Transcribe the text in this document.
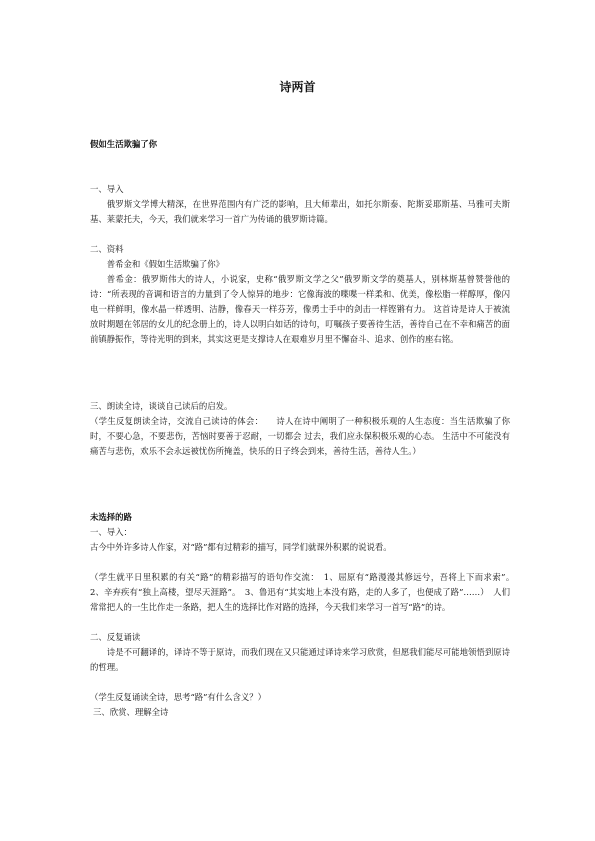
诗两首

假如生活欺骗了你

一、导入

俄罗斯文学博大精深，在世界范围内有广泛的影响，且大师辈出，如托尔斯泰、陀斯妥耶斯基、马雅可夫斯基、莱蒙托夫，今天，我们就来学习一首广为传诵的俄罗斯诗篇。

二、资料

普希金和《假如生活欺骗了你》

普希金：俄罗斯伟大的诗人，小说家，史称“俄罗斯文学之父”俄罗斯文学的奠基人，别林斯基曾赞誉他的诗：“所表现的音调和语言的力量到了令人惊异的地步：它像海波的喋喋一样柔和、优美，像松脂一样醇厚，像闪电一样鲜明，像水晶一样透明、洁静，像春天一样芬芳，像勇士手中的剑击一样铿锵有力。 这首诗是诗人于被流放时期题在邻居的女儿的纪念册上的，诗人以明白如话的诗句，叮嘱孩子要善待生活，善待自己在不幸和痛苦的面前镇静振作，等待光明的到来，其实这更是支撑诗人在艰难岁月里不懈奋斗、追求、创作的座右铭。

三、朗读全诗，谈谈自己读后的启发。

（学生反复朗读全诗，交流自己读诗的体会：　　诗人在诗中阐明了一种积极乐观的人生态度：当生活欺骗了你时，不要心急，不要悲伤，苦恼时要善于忍耐，一切都会 过去，我们应永保积极乐观的心态。 生活中不可能没有痛苦与悲伤，欢乐不会永远被忧伤所掩盖，快乐的日子终会到来，善待生活，善待人生。）

未选择的路

一、导入：

古今中外许多诗人作家，对“路”都有过精彩的描写，同学们就课外积累的说说看。

（学生就平日里积累的有关“路”的精彩描写的语句作交流：　1、屈原有“路漫漫其修远兮，吾将上下而求索”。　2、辛弃疾有“独上高楼，望尽天涯路”。　3、鲁迅有“其实地上本没有路，走的人多了，也便成了路”……）　人们常常把人的一生比作走一条路，把人生的选择比作对路的选择，今天我们来学习一首写“路”的诗。

二、反复诵读

诗是不可翻译的，译诗不等于原诗，而我们现在又只能通过译诗来学习欣赏，但愿我们能尽可能地领悟到原诗的哲理。

（学生反复诵读全诗，思考“路”有什么含义？）

三、欣赏、理解全诗
